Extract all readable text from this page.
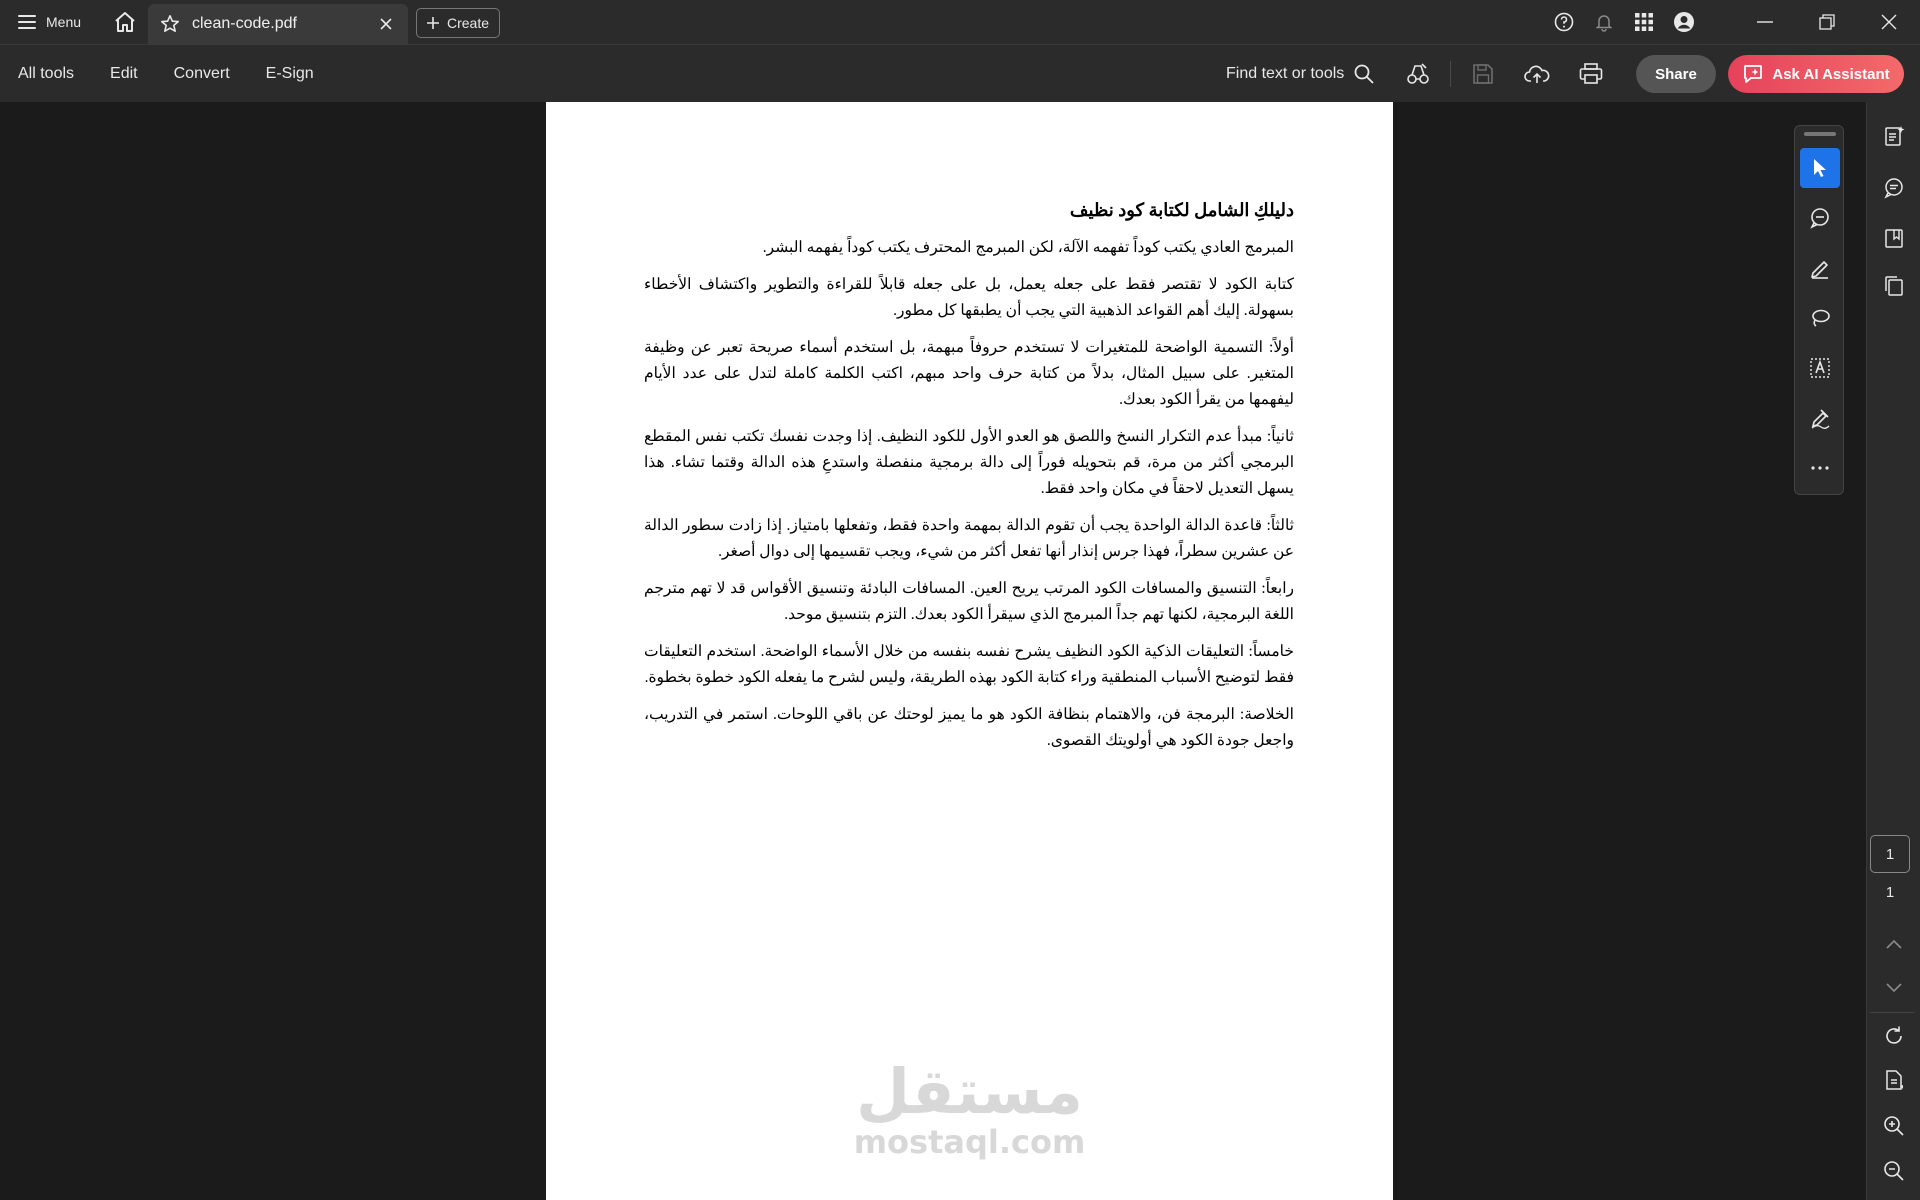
Menu	clean-code.pdf	Create
All tools	Edit	Convert	E-Sign	Find text or tools	Share	Ask AI Assistant
دليلكِ الشامل لكتابة كود نظيف

المبرمج العادي يكتب كوداً تفهمه الآلة، لكن المبرمج المحترف يكتب كوداً يفهمه البشر.

كتابة الكود لا تقتصر فقط على جعله يعمل، بل على جعله قابلاً للقراءة والتطوير واكتشاف الأخطاء بسهولة. إليك أهم القواعد الذهبية التي يجب أن يطبقها كل مطور.

أولاً: التسمية الواضحة للمتغيرات لا تستخدم حروفاً مبهمة، بل استخدم أسماء صريحة تعبر عن وظيفة المتغير. على سبيل المثال، بدلاً من كتابة حرف واحد مبهم، اكتب الكلمة كاملة لتدل على عدد الأيام ليفهمها من يقرأ الكود بعدك.

ثانياً: مبدأ عدم التكرار النسخ واللصق هو العدو الأول للكود النظيف. إذا وجدت نفسك تكتب نفس المقطع البرمجي أكثر من مرة، قم بتحويله فوراً إلى دالة برمجية منفصلة واستدعِ هذه الدالة وقتما تشاء. هذا يسهل التعديل لاحقاً في مكان واحد فقط.

ثالثاً: قاعدة الدالة الواحدة يجب أن تقوم الدالة بمهمة واحدة فقط، وتفعلها بامتياز. إذا زادت سطور الدالة عن عشرين سطراً، فهذا جرس إنذار أنها تفعل أكثر من شيء، ويجب تقسيمها إلى دوال أصغر.

رابعاً: التنسيق والمسافات الكود المرتب يريح العين. المسافات البادئة وتنسيق الأقواس قد لا تهم مترجم اللغة البرمجية، لكنها تهم جداً المبرمج الذي سيقرأ الكود بعدك. التزم بتنسيق موحد.

خامساً: التعليقات الذكية الكود النظيف يشرح نفسه بنفسه من خلال الأسماء الواضحة. استخدم التعليقات فقط لتوضيح الأسباب المنطقية وراء كتابة الكود بهذه الطريقة، وليس لشرح ما يفعله الكود خطوة بخطوة.

الخلاصة: البرمجة فن، والاهتمام بنظافة الكود هو ما يميز لوحتك عن باقي اللوحات. استمر في التدريب، واجعل جودة الكود هي أولويتك القصوى.

مستقل
mostaql.com
1
1
